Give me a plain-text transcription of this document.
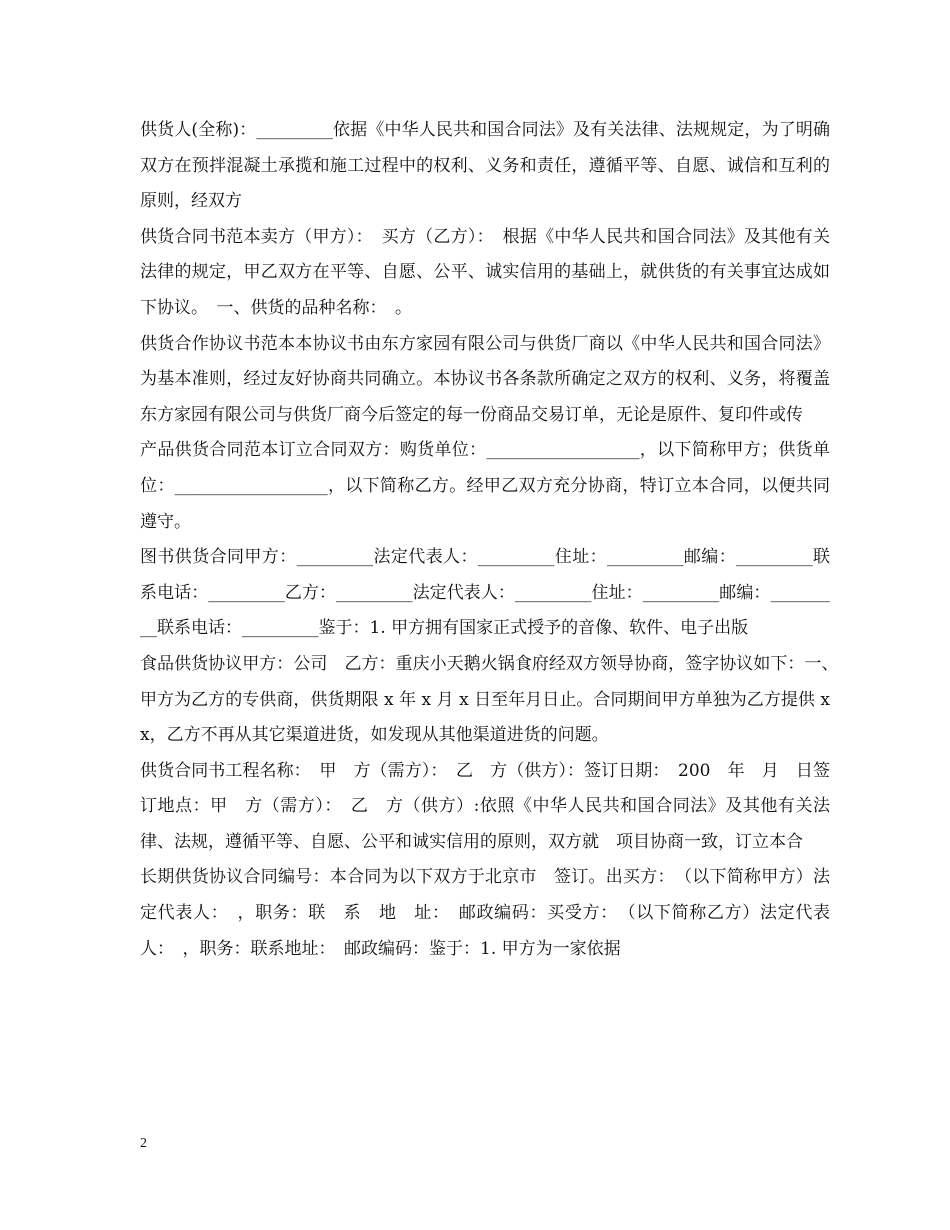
供货人(全称)：_________依据《中华人民共和国合同法》及有关法律、法规规定，为了明确双方在预拌混凝土承揽和施工过程中的权利、义务和责任，遵循平等、自愿、诚信和互利的原则，经双方

供货合同书范本卖方（甲方）：　买方（乙方）：　根据《中华人民共和国合同法》及其他有关法律的规定，甲乙双方在平等、自愿、公平、诚实信用的基础上，就供货的有关事宜达成如下协议。　一、供货的品种名称：　。

供货合作协议书范本本协议书由东方家园有限公司与供货厂商以《中华人民共和国合同法》为基本准则，经过友好协商共同确立。本协议书各条款所确定之双方的权利、义务，将覆盖东方家园有限公司与供货厂商今后签定的每一份商品交易订单，无论是原件、复印件或传

产品供货合同范本订立合同双方：购货单位：__________________，以下简称甲方；供货单位：__________________，以下简称乙方。经甲乙双方充分协商，特订立本合同，以便共同遵守。

图书供货合同甲方：_________法定代表人：_________住址：_________邮编：_________联系电话：_________乙方：_________法定代表人：_________住址：_________邮编：_________联系电话：_________鉴于：1. 甲方拥有国家正式授予的音像、软件、电子出版

食品供货协议甲方：公司　乙方：重庆小天鹅火锅食府经双方领导协商，签字协议如下：一、　甲方为乙方的专供商，供货期限 x 年 x 月 x 日至年月日止。合同期间甲方单独为乙方提供 xx，乙方不再从其它渠道进货，如发现从其他渠道进货的问题。

供货合同书工程名称：　甲　方（需方）：　乙　方（供方）：签订日期：　200　年　月　日签订地点：甲　方（需方）：　乙　方（供方）:依照《中华人民共和国合同法》及其他有关法律、法规，遵循平等、自愿、公平和诚实信用的原则，双方就　项目协商一致，订立本合

长期供货协议合同编号：本合同为以下双方于北京市　签订。出买方：　（以下简称甲方）法定代表人：　，职务：联　系　地　址：　邮政编码：买受方：　（以下简称乙方）法定代表人：　，职务：联系地址：　邮政编码：鉴于：1. 甲方为一家依据

2
